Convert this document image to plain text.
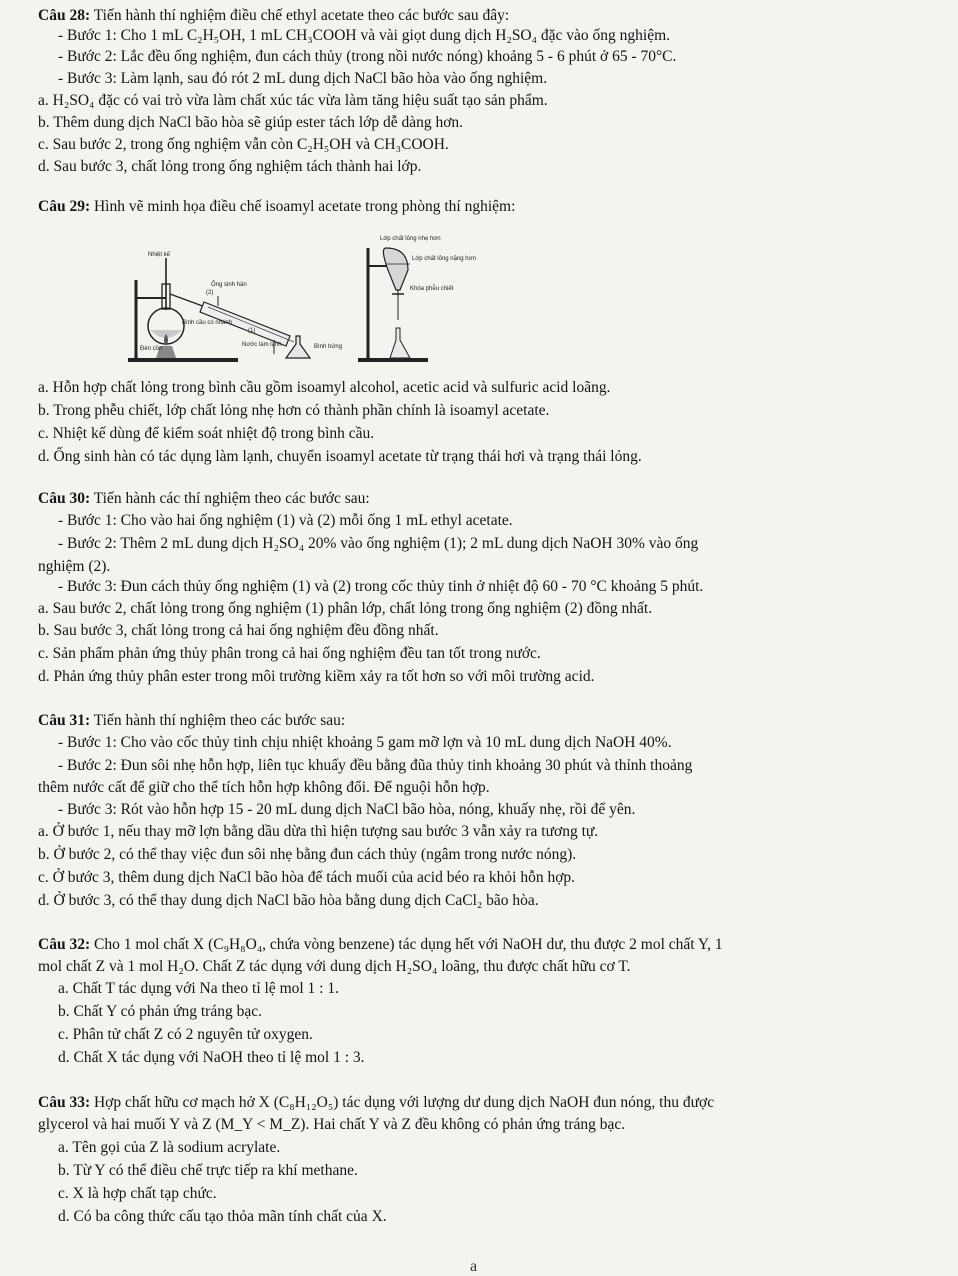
Câu 28: Tiến hành thí nghiệm điều chế ethyl acetate theo các bước sau đây:
- Bước 1: Cho 1 mL C₂H₅OH, 1 mL CH₃COOH và vài giọt dung dịch H₂SO₄ đặc vào ống nghiệm.
- Bước 2: Lắc đều ống nghiệm, đun cách thủy (trong nồi nước nóng) khoảng 5 - 6 phút ở 65 - 70°C.
- Bước 3: Làm lạnh, sau đó rót 2 mL dung dịch NaCl bão hòa vào ống nghiệm.
a. H₂SO₄ đặc có vai trò vừa làm chất xúc tác vừa làm tăng hiệu suất tạo sản phẩm.
b. Thêm dung dịch NaCl bão hòa sẽ giúp ester tách lớp dễ dàng hơn.
c. Sau bước 2, trong ống nghiệm vẫn còn C₂H₅OH và CH₃COOH.
d. Sau bước 3, chất lỏng trong ống nghiệm tách thành hai lớp.
Câu 29: Hình vẽ minh họa điều chế isoamyl acetate trong phòng thí nghiệm:
Nhiệt kế
Ống sinh hàn
Bình cầu có nhánh
Nước làm lạnh
Đèn cồn	Bình hứng
(1)
(2)
Lớp chất lỏng nhẹ hơn
Lớp chất lỏng nặng hơn
Khóa phễu chiết
a. Hỗn hợp chất lỏng trong bình cầu gồm isoamyl alcohol, acetic acid và sulfuric acid loãng.
b. Trong phễu chiết, lớp chất lỏng nhẹ hơn có thành phần chính là isoamyl acetate.
c. Nhiệt kế dùng để kiểm soát nhiệt độ trong bình cầu.
d. Ống sinh hàn có tác dụng làm lạnh, chuyển isoamyl acetate từ trạng thái hơi và trạng thái lỏng.
Câu 30: Tiến hành các thí nghiệm theo các bước sau:
- Bước 1: Cho vào hai ống nghiệm (1) và (2) mỗi ống 1 mL ethyl acetate.
- Bước 2: Thêm 2 mL dung dịch H₂SO₄ 20% vào ống nghiệm (1); 2 mL dung dịch NaOH 30% vào ống
nghiệm (2).
- Bước 3: Đun cách thủy ống nghiệm (1) và (2) trong cốc thủy tinh ở nhiệt độ 60 - 70 °C khoảng 5 phút.
a. Sau bước 2, chất lỏng trong ống nghiệm (1) phân lớp, chất lỏng trong ống nghiệm (2) đồng nhất.
b. Sau bước 3, chất lỏng trong cả hai ống nghiệm đều đồng nhất.
c. Sản phẩm phản ứng thủy phân trong cả hai ống nghiệm đều tan tốt trong nước.
d. Phản ứng thủy phân ester trong môi trường kiềm xảy ra tốt hơn so với môi trường acid.
Câu 31: Tiến hành thí nghiệm theo các bước sau:
- Bước 1: Cho vào cốc thủy tinh chịu nhiệt khoảng 5 gam mỡ lợn và 10 mL dung dịch NaOH 40%.
- Bước 2: Đun sôi nhẹ hỗn hợp, liên tục khuấy đều bằng đũa thủy tinh khoảng 30 phút và thỉnh thoảng
thêm nước cất để giữ cho thể tích hỗn hợp không đổi. Để nguội hỗn hợp.
- Bước 3: Rót vào hỗn hợp 15 - 20 mL dung dịch NaCl bão hòa, nóng, khuấy nhẹ, rồi để yên.
a. Ở bước 1, nếu thay mỡ lợn bằng dầu dừa thì hiện tượng sau bước 3 vẫn xảy ra tương tự.
b. Ở bước 2, có thể thay việc đun sôi nhẹ bằng đun cách thủy (ngâm trong nước nóng).
c. Ở bước 3, thêm dung dịch NaCl bão hòa để tách muối của acid béo ra khỏi hỗn hợp.
d. Ở bước 3, có thể thay dung dịch NaCl bão hòa bằng dung dịch CaCl₂ bão hòa.
Câu 32: Cho 1 mol chất X (C₉H₈O₄, chứa vòng benzene) tác dụng hết với NaOH dư, thu được 2 mol chất Y, 1
mol chất Z và 1 mol H₂O. Chất Z tác dụng với dung dịch H₂SO₄ loãng, thu được chất hữu cơ T.
a. Chất T tác dụng với Na theo tỉ lệ mol 1 : 1.
b. Chất Y có phản ứng tráng bạc.
c. Phân tử chất Z có 2 nguyên tử oxygen.
d. Chất X tác dụng với NaOH theo tỉ lệ mol 1 : 3.
Câu 33: Hợp chất hữu cơ mạch hở X (C₈H₁₂O₅) tác dụng với lượng dư dung dịch NaOH đun nóng, thu được
glycerol và hai muối Y và Z (M_Y < M_Z). Hai chất Y và Z đều không có phản ứng tráng bạc.
a. Tên gọi của Z là sodium acrylate.
b. Từ Y có thể điều chế trực tiếp ra khí methane.
c. X là hợp chất tạp chức.
d. Có ba công thức cấu tạo thỏa mãn tính chất của X.
a
